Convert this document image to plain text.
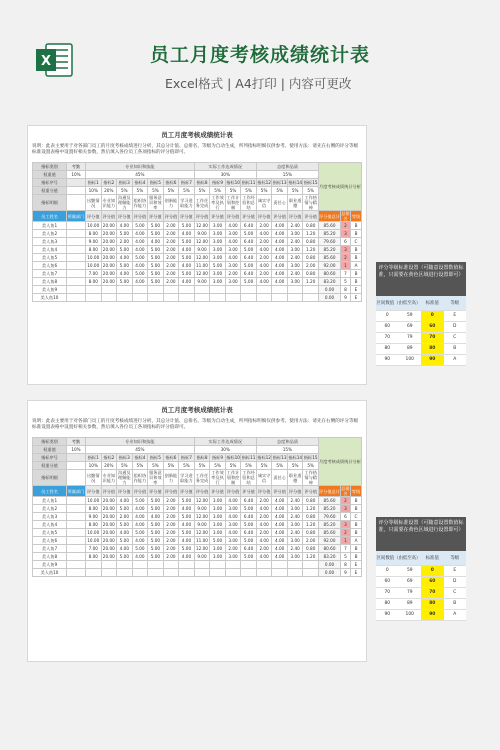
X	员工月度考核成绩统计表
Excel格式 | A4打印 | 内容可更改
员工月度考核成绩统计表
说明：此表主要用于对各部门员工的月度考核成绩进行分析，其总分计值、总排名、等级为自动生成，所列指标明细仅供参考。使用方法：请先在右侧的评分等级标准设置表格中设置好相关参数，然后填入各位员工各项指标的评分值即可。
指标类别	考勤	专业知识和技能							实际工作达成情况				态度和品质				月度考核成绩统计分析		
权重值	10%	45%							30%				15%						
指标序号		指标1	指标2	指标3	指标4	指标5	指标6	指标7	指标8	指标9	指标10	指标11	指标12	指标13	指标14	指标15			
权重分值		10%	20%	5%	5%	5%	5%	5%	5%	5%	5%	5%	5%	5%	5%	5%			
指标明细		出勤情况	专业知识能力	沟通及理解能力	组织协作能力	服务意识和效率	创新能力	学习进取能力	工作任务完成	工作效率及执行	工作计划和控制	工作经验和总结	诚实守信	责任心	职业道德	工作热情与精神			
员工姓名	所属部门	评分值	评分值	评分值	评分值	评分值	评分值	评分值	评分值	评分值	评分值	评分值	评分值	评分值	评分值	评分值	评分值总计	总排名	等级
美人鱼1		10.00	20.00	4.00	5.00	5.00	2.00	5.00	12.00	3.00	4.00	6.40	2.00	4.00	2.40	0.80	85.60	2	B
美人鱼2		8.00	20.00	5.00	4.00	5.00	2.00	4.00	9.00	3.00	3.00	5.00	4.00	4.00	3.00	1.20	85.20	3	B
美人鱼3		9.00	20.00	2.00	4.00	4.00	2.00	5.00	12.00	3.00	4.00	6.40	2.00	4.00	2.40	0.80	79.60	6	C
美人鱼4		8.00	20.00	5.00	4.00	5.00	2.00	4.00	9.00	3.00	3.00	5.00	4.00	4.00	3.00	1.20	85.20	3	B
美人鱼5		10.00	20.00	4.00	5.00	5.00	2.00	5.00	12.00	3.00	4.00	6.40	2.00	4.00	2.40	0.80	85.60	2	B
美人鱼6		10.00	20.00	5.00	4.00	5.00	2.00	4.00	11.00	5.00	3.00	5.00	4.00	4.00	3.00	2.00	92.00	1	A
美人鱼7		7.00	20.00	4.00	5.00	5.00	2.00	5.00	12.00	3.00	2.00	6.40	2.00	4.00	2.40	0.80	80.60	7	B
美人鱼8		8.00	20.00	5.00	4.00	5.00	2.00	4.00	9.00	3.00	3.00	5.00	4.00	4.00	3.00	1.20	83.20	5	B
美人鱼9																	0.00	8	E
美人鱼10																	0.00	9	E
员工月度考核成绩统计表
说明：此表主要用于对各部门员工的月度考核成绩进行分析，其总分计值、总排名、等级为自动生成，所列指标明细仅供参考。使用方法：请先在右侧的评分等级标准设置表格中设置好相关参数，然后填入各位员工各项指标的评分值即可。
指标类别	考勤	专业知识和技能							实际工作达成情况				态度和品质				月度考核成绩统计分析		
权重值	10%	45%							30%				15%						
指标序号		指标1	指标2	指标3	指标4	指标5	指标6	指标7	指标8	指标9	指标10	指标11	指标12	指标13	指标14	指标15			
权重分值		10%	20%	5%	5%	5%	5%	5%	5%	5%	5%	5%	5%	5%	5%	5%			
指标明细		出勤情况	专业知识能力	沟通及理解能力	组织协作能力	服务意识和效率	创新能力	学习进取能力	工作任务完成	工作效率及执行	工作计划和控制	工作经验和总结	诚实守信	责任心	职业道德	工作热情与精神			
员工姓名	所属部门	评分值	评分值	评分值	评分值	评分值	评分值	评分值	评分值	评分值	评分值	评分值	评分值	评分值	评分值	评分值	评分值总计	总排名	等级
美人鱼1		10.00	20.00	4.00	5.00	5.00	2.00	5.00	12.00	3.00	4.00	6.40	2.00	4.00	2.40	0.80	85.60	2	B
美人鱼2		8.00	20.00	5.00	4.00	5.00	2.00	4.00	9.00	3.00	3.00	5.00	4.00	4.00	3.00	1.20	85.20	3	B
美人鱼3		9.00	20.00	2.00	4.00	4.00	2.00	5.00	12.00	3.00	4.00	6.40	2.00	4.00	2.40	0.80	79.60	6	C
美人鱼4		8.00	20.00	5.00	4.00	5.00	2.00	4.00	9.00	3.00	3.00	5.00	4.00	4.00	3.00	1.20	85.20	3	B
美人鱼5		10.00	20.00	4.00	5.00	5.00	2.00	5.00	12.00	3.00	4.00	6.40	2.00	4.00	2.40	0.80	85.60	2	B
美人鱼6		10.00	20.00	5.00	4.00	5.00	2.00	4.00	11.00	5.00	3.00	5.00	4.00	4.00	3.00	2.00	92.00	1	A
美人鱼7		7.00	20.00	4.00	5.00	5.00	2.00	5.00	12.00	3.00	2.00	6.40	2.00	4.00	2.40	0.80	80.60	7	B
美人鱼8		8.00	20.00	5.00	4.00	5.00	2.00	4.00	9.00	3.00	3.00	5.00	4.00	4.00	3.00	1.20	83.20	5	B
美人鱼9																	0.00	8	E
美人鱼10																	0.00	9	E
评分等级标准设置（可随意设置数值标准，只需要在黄色区域进行设置即可）
区间数值（由低至高）		标准值	等级
0	59	0	E
60	69	60	D
70	79	70	C
80	89	80	B
90	100	90	A
评分等级标准设置（可随意设置数值标准，只需要在黄色区域进行设置即可）
区间数值（由低至高）		标准值	等级
0	59	0	E
60	69	60	D
70	79	70	C
80	89	80	B
90	100	90	A
